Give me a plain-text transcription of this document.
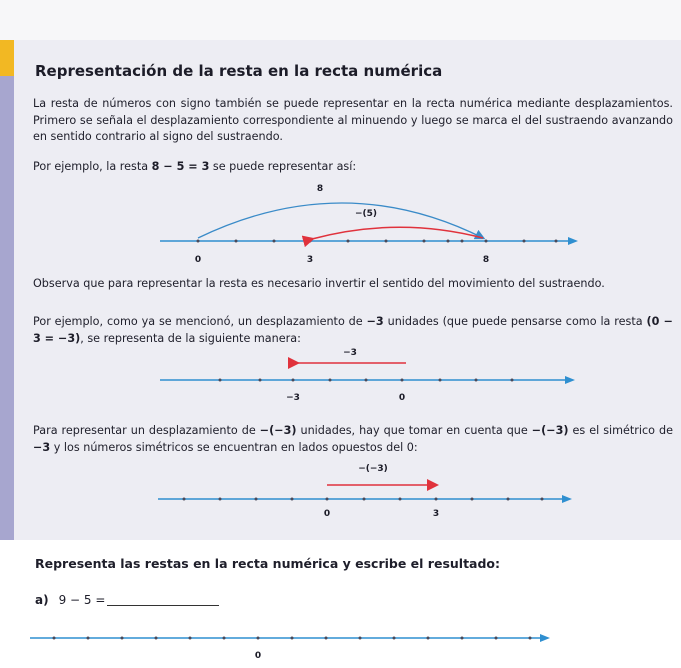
Representación de la resta en la recta numérica
La resta de números con signo también se puede representar en la recta numérica mediante desplazamientos. Primero se señala el desplazamiento correspondiente al minuendo y luego se marca el del sustraendo avanzando en sentido contrario al signo del sustraendo.
Por ejemplo, la resta 8 − 5 = 3 se puede representar así:
8
−(5)
0	3	8
Observa que para representar la resta es necesario invertir el sentido del movimiento del sustraendo.
Por ejemplo, como ya se mencionó, un desplazamiento de −3 unidades (que puede pensarse como la resta (0 − 3 = −3), se representa de la siguiente manera:
−3
−3	0
Para representar un desplazamiento de −(−3) unidades, hay que tomar en cuenta que −(−3) es el simétrico de −3 y los números simétricos se encuentran en lados opuestos del 0:
−(−3)
0	3
Representa las restas en la recta numérica y escribe el resultado:
a) 9 − 5 =
0
